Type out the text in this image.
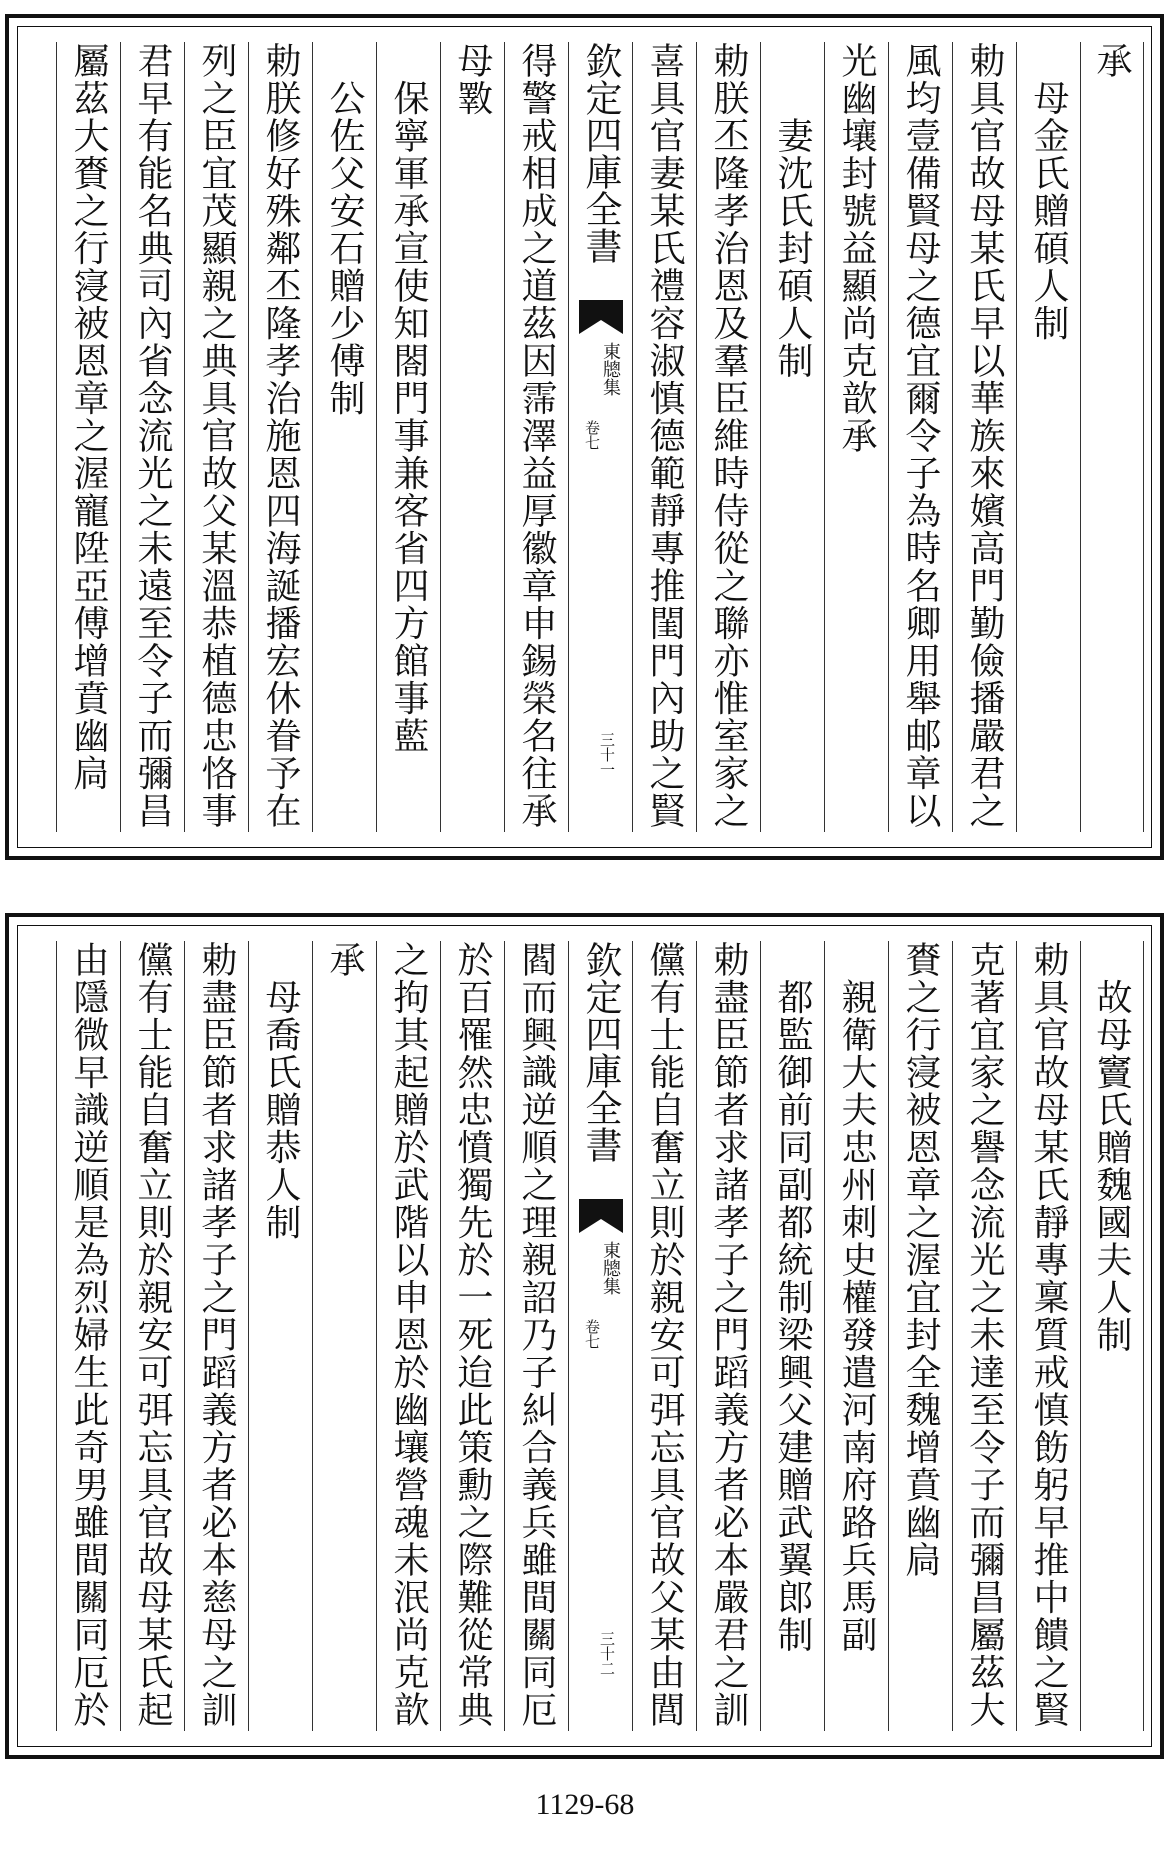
承
　母金氏贈碩人制
勅具官故母某氏早以華族來嬪高門勤儉播嚴君之
風均壹備賢母之德宜爾令子為時名卿用舉邮章以
光幽壤封號益顯尚克歆承
　　妻沈氏封碩人制
勅朕丕隆孝治恩及羣臣維時侍從之聯亦惟室家之
喜具官妻某氏禮容淑慎德範靜專推閨門內助之賢
欽定四庫全書
東牕集
卷七
三十一
得警戒相成之道茲因霈澤益厚徽章申錫榮名往承
母斁
　保寧軍承宣使知閤門事兼客省四方館事藍
　公佐父安石贈少傅制
勅朕修好殊鄰丕隆孝治施恩四海誕播宏休眷予在
列之臣宜茂顯親之典具官故父某溫恭植德忠恪事
君早有能名典司內省念流光之未遠至令子而彌昌
屬茲大賚之行寖被恩章之渥寵陞亞傅增賁幽扃
　故母竇氏贈魏國夫人制
勅具官故母某氏靜專稟質戒慎飭躬早推中饋之賢
克著宜家之譽念流光之未達至令子而彌昌屬茲大
賚之行寖被恩章之渥宜封全魏增賁幽扃
　親衛大夫忠州刺史權發遣河南府路兵馬副
　都監御前同副都統制梁興父建贈武翼郎制
勅盡臣節者求諸孝子之門蹈義方者必本嚴君之訓
儻有士能自奮立則於親安可弭忘具官故父某由閭
欽定四庫全書
東牕集
卷七
三十二
閻而興識逆順之理親詔乃子糾合義兵雖間關同厄
於百罹然忠憤獨先於一死迨此策勳之際難從常典
之拘其起贈於武階以申恩於幽壤營魂未泯尚克歆
承
　母喬氏贈恭人制
勅盡臣節者求諸孝子之門蹈義方者必本慈母之訓
儻有士能自奮立則於親安可弭忘具官故母某氏起
由隱微早識逆順是為烈婦生此奇男雖間關同厄於
1129-68
